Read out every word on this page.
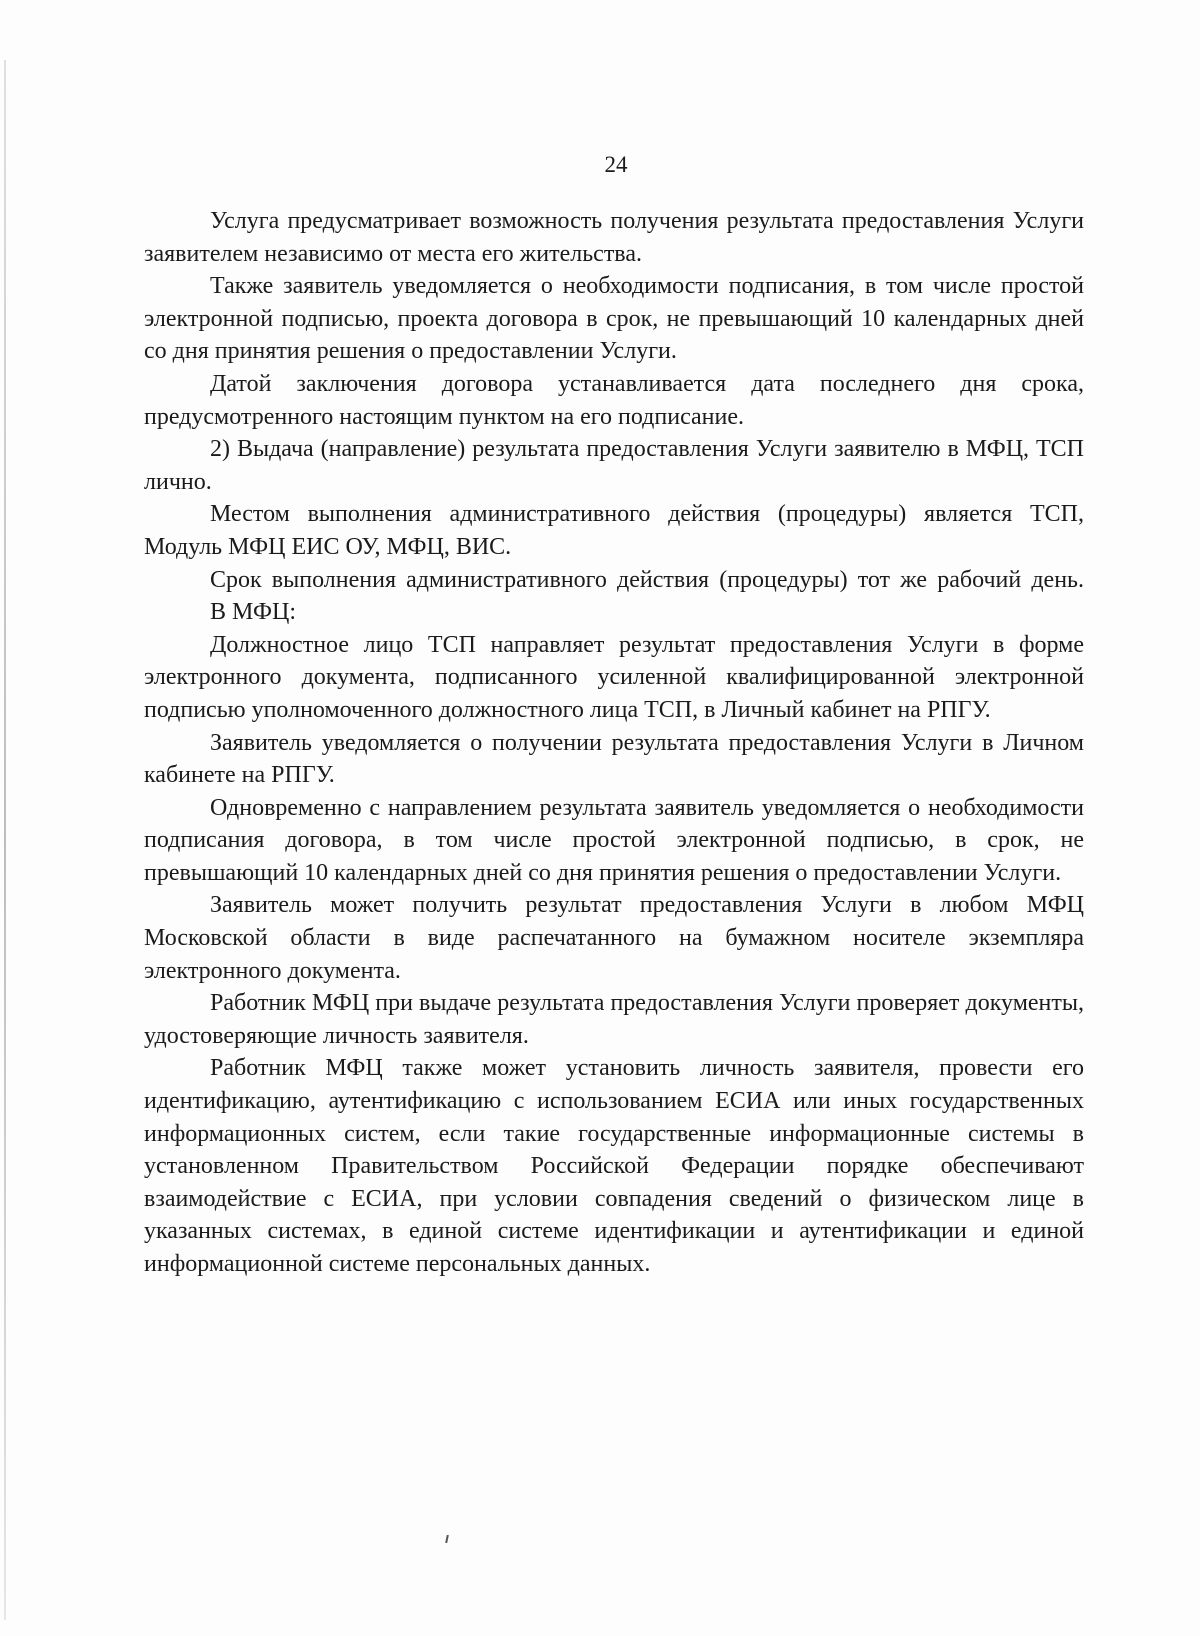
24

Услуга предусматривает возможность получения результата предоставления Услуги заявителем независимо от места его жительства.

Также заявитель уведомляется о необходимости подписания, в том числе простой электронной подписью, проекта договора в срок, не превышающий 10 календарных дней со дня принятия решения о предоставлении Услуги.

Датой заключения договора устанавливается дата последнего дня срока, предусмотренного настоящим пунктом на его подписание.

2) Выдача (направление) результата предоставления Услуги заявителю в МФЦ, ТСП лично.

Местом выполнения административного действия (процедуры) является ТСП, Модуль МФЦ ЕИС ОУ, МФЦ, ВИС.

Срок выполнения административного действия (процедуры) тот же рабочий день.

В МФЦ:

Должностное лицо ТСП направляет результат предоставления Услуги в форме электронного документа, подписанного усиленной квалифицированной электронной подписью уполномоченного должностного лица ТСП, в Личный кабинет на РПГУ.

Заявитель уведомляется о получении результата предоставления Услуги в Личном кабинете на РПГУ.

Одновременно с направлением результата заявитель уведомляется о необходимости подписания договора, в том числе простой электронной подписью, в срок, не превышающий 10 календарных дней со дня принятия решения о предоставлении Услуги.

Заявитель может получить результат предоставления Услуги в любом МФЦ Московской области в виде распечатанного на бумажном носителе экземпляра электронного документа.

Работник МФЦ при выдаче результата предоставления Услуги проверяет документы, удостоверяющие личность заявителя.

Работник МФЦ также может установить личность заявителя, провести его идентификацию, аутентификацию с использованием ЕСИА или иных государственных информационных систем, если такие государственные информационные системы в установленном Правительством Российской Федерации порядке обеспечивают взаимодействие с ЕСИА, при условии совпадения сведений о физическом лице в указанных системах, в единой системе идентификации и аутентификации и единой информационной системе персональных данных.
